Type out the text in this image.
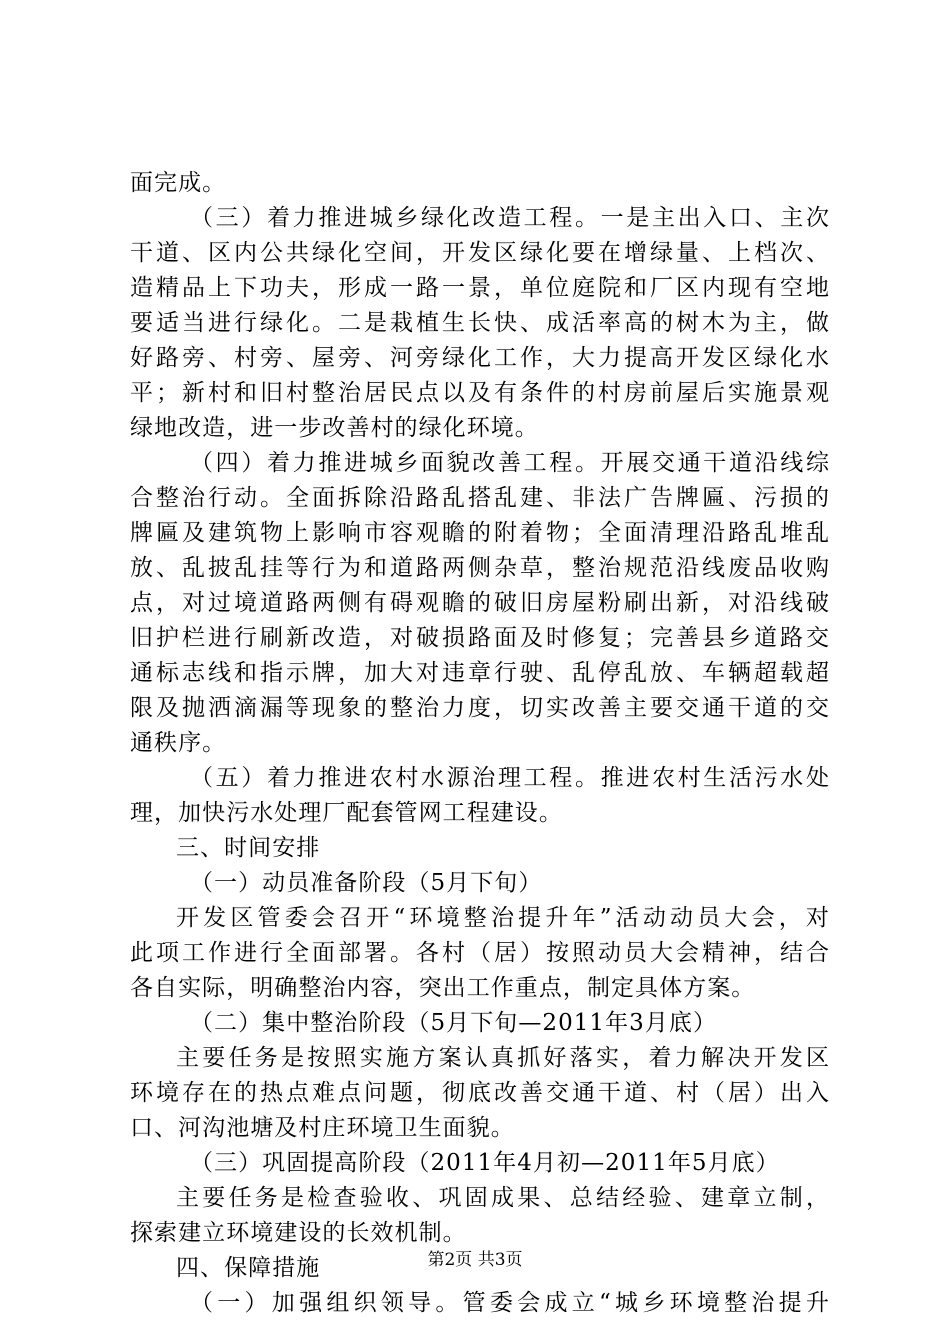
面完成。
（三）着力推进城乡绿化改造工程。一是主出入口、主次
干道、区内公共绿化空间，开发区绿化要在增绿量、上档次、
造精品上下功夫，形成一路一景，单位庭院和厂区内现有空地
要适当进行绿化。二是栽植生长快、成活率高的树木为主，做
好路旁、村旁、屋旁、河旁绿化工作，大力提高开发区绿化水
平；新村和旧村整治居民点以及有条件的村房前屋后实施景观
绿地改造，进一步改善村的绿化环境。
（四）着力推进城乡面貌改善工程。开展交通干道沿线综
合整治行动。全面拆除沿路乱搭乱建、非法广告牌匾、污损的
牌匾及建筑物上影响市容观瞻的附着物；全面清理沿路乱堆乱
放、乱披乱挂等行为和道路两侧杂草，整治规范沿线废品收购
点，对过境道路两侧有碍观瞻的破旧房屋粉刷出新，对沿线破
旧护栏进行刷新改造，对破损路面及时修复；完善县乡道路交
通标志线和指示牌，加大对违章行驶、乱停乱放、车辆超载超
限及抛洒滴漏等现象的整治力度，切实改善主要交通干道的交
通秩序。
（五）着力推进农村水源治理工程。推进农村生活污水处
理，加快污水处理厂配套管网工程建设。
三、时间安排
（一）动员准备阶段（5月下旬）
开发区管委会召开“环境整治提升年”活动动员大会，对
此项工作进行全面部署。各村（居）按照动员大会精神，结合
各自实际，明确整治内容，突出工作重点，制定具体方案。
（二）集中整治阶段（5月下旬—2011年3月底）
主要任务是按照实施方案认真抓好落实，着力解决开发区
环境存在的热点难点问题，彻底改善交通干道、村（居）出入
口、河沟池塘及村庄环境卫生面貌。
（三）巩固提高阶段（2011年4月初—2011年5月底）
主要任务是检查验收、巩固成果、总结经验、建章立制，
探索建立环境建设的长效机制。
四、保障措施
（一）加强组织领导。管委会成立“城乡环境整治提升
第2页 共3页
